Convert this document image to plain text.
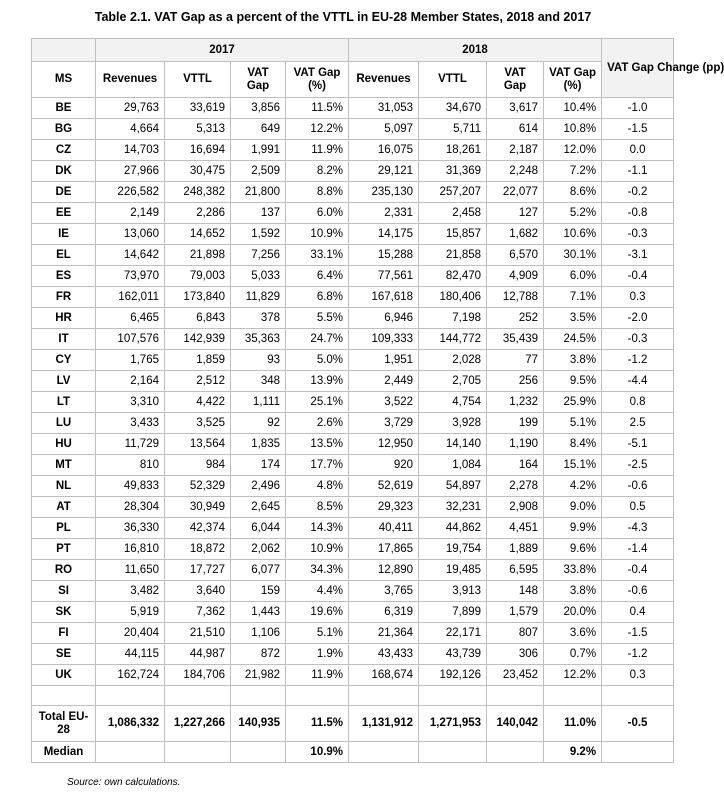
Table 2.1. VAT Gap as a percent of the VTTL in EU-28 Member States, 2018 and 2017
	2017				2018				VAT Gap Change (pp)
MS	Revenues	VTTL	VAT Gap	VAT Gap (%)	Revenues	VTTL	VAT Gap	VAT Gap (%)	
BE	29,763	33,619	3,856	11.5%	31,053	34,670	3,617	10.4%	-1.0
BG	4,664	5,313	649	12.2%	5,097	5,711	614	10.8%	-1.5
CZ	14,703	16,694	1,991	11.9%	16,075	18,261	2,187	12.0%	0.0
DK	27,966	30,475	2,509	8.2%	29,121	31,369	2,248	7.2%	-1.1
DE	226,582	248,382	21,800	8.8%	235,130	257,207	22,077	8.6%	-0.2
EE	2,149	2,286	137	6.0%	2,331	2,458	127	5.2%	-0.8
IE	13,060	14,652	1,592	10.9%	14,175	15,857	1,682	10.6%	-0.3
EL	14,642	21,898	7,256	33.1%	15,288	21,858	6,570	30.1%	-3.1
ES	73,970	79,003	5,033	6.4%	77,561	82,470	4,909	6.0%	-0.4
FR	162,011	173,840	11,829	6.8%	167,618	180,406	12,788	7.1%	0.3
HR	6,465	6,843	378	5.5%	6,946	7,198	252	3.5%	-2.0
IT	107,576	142,939	35,363	24.7%	109,333	144,772	35,439	24.5%	-0.3
CY	1,765	1,859	93	5.0%	1,951	2,028	77	3.8%	-1.2
LV	2,164	2,512	348	13.9%	2,449	2,705	256	9.5%	-4.4
LT	3,310	4,422	1,111	25.1%	3,522	4,754	1,232	25.9%	0.8
LU	3,433	3,525	92	2.6%	3,729	3,928	199	5.1%	2.5
HU	11,729	13,564	1,835	13.5%	12,950	14,140	1,190	8.4%	-5.1
MT	810	984	174	17.7%	920	1,084	164	15.1%	-2.5
NL	49,833	52,329	2,496	4.8%	52,619	54,897	2,278	4.2%	-0.6
AT	28,304	30,949	2,645	8.5%	29,323	32,231	2,908	9.0%	0.5
PL	36,330	42,374	6,044	14.3%	40,411	44,862	4,451	9.9%	-4.3
PT	16,810	18,872	2,062	10.9%	17,865	19,754	1,889	9.6%	-1.4
RO	11,650	17,727	6,077	34.3%	12,890	19,485	6,595	33.8%	-0.4
SI	3,482	3,640	159	4.4%	3,765	3,913	148	3.8%	-0.6
SK	5,919	7,362	1,443	19.6%	6,319	7,899	1,579	20.0%	0.4
FI	20,404	21,510	1,106	5.1%	21,364	22,171	807	3.6%	-1.5
SE	44,115	44,987	872	1.9%	43,433	43,739	306	0.7%	-1.2
UK	162,724	184,706	21,982	11.9%	168,674	192,126	23,452	12.2%	0.3

Total EU-28	1,086,332	1,227,266	140,935	11.5%	1,131,912	1,271,953	140,042	11.0%	-0.5
Median				10.9%				9.2%	
Source: own calculations.
